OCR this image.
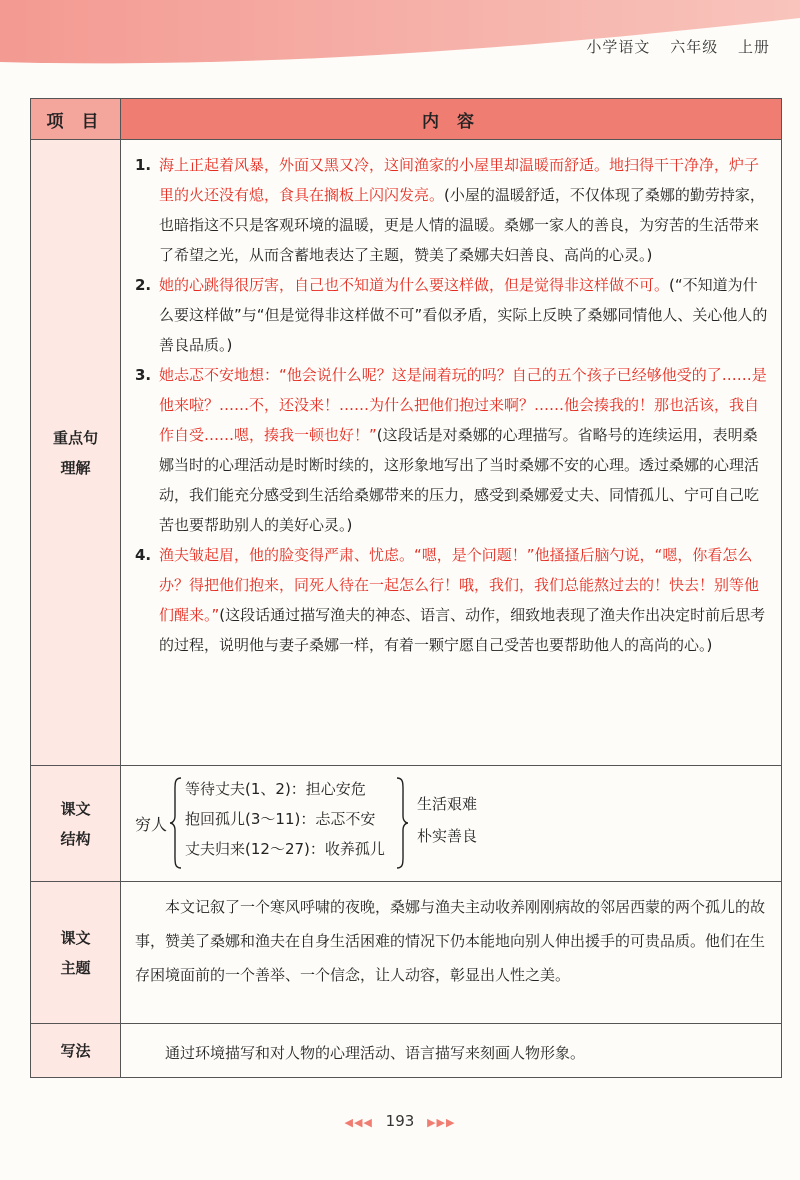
小学语文 六年级 上册
项 目	内 容
重点句
理解
1. 海上正起着风暴，外面又黑又冷，这间渔家的小屋里却温暖而舒适。地扫得干干净净，炉子里的火还没有熄，食具在搁板上闪闪发亮。(小屋的温暖舒适，不仅体现了桑娜的勤劳持家，也暗指这不只是客观环境的温暖，更是人情的温暖。桑娜一家人的善良，为穷苦的生活带来了希望之光，从而含蓄地表达了主题，赞美了桑娜夫妇善良、高尚的心灵。)
2. 她的心跳得很厉害，自己也不知道为什么要这样做，但是觉得非这样做不可。(“不知道为什么要这样做”与“但是觉得非这样做不可”看似矛盾，实际上反映了桑娜同情他人、关心他人的善良品质。)
3. 她忐忑不安地想：“他会说什么呢？这是闹着玩的吗？自己的五个孩子已经够他受的了……是他来啦？……不，还没来！……为什么把他们抱过来啊？……他会揍我的！那也活该，我自作自受……嗯，揍我一顿也好！”(这段话是对桑娜的心理描写。省略号的连续运用，表明桑娜当时的心理活动是时断时续的，这形象地写出了当时桑娜不安的心理。透过桑娜的心理活动，我们能充分感受到生活给桑娜带来的压力，感受到桑娜爱丈夫、同情孤儿、宁可自己吃苦也要帮助别人的美好心灵。)
4. 渔夫皱起眉，他的脸变得严肃、忧虑。“嗯，是个问题！”他搔搔后脑勺说，“嗯，你看怎么办？得把他们抱来，同死人待在一起怎么行！哦，我们，我们总能熬过去的！快去！别等他们醒来。”(这段话通过描写渔夫的神态、语言、动作，细致地表现了渔夫作出决定时前后思考的过程，说明他与妻子桑娜一样，有着一颗宁愿自己受苦也要帮助他人的高尚的心。)
课文
结构
穷人
等待丈夫(1、2)：担心安危
抱回孤儿(3～11)：忐忑不安
丈夫归来(12～27)：收养孤儿
生活艰难
朴实善良
课文
主题
本文记叙了一个寒风呼啸的夜晚，桑娜与渔夫主动收养刚刚病故的邻居西蒙的两个孤儿的故事，赞美了桑娜和渔夫在自身生活困难的情况下仍本能地向别人伸出援手的可贵品质。他们在生存困境面前的一个善举、一个信念，让人动容，彰显出人性之美。
写法	通过环境描写和对人物的心理活动、语言描写来刻画人物形象。
◀◀◀ 193 ▶▶▶
